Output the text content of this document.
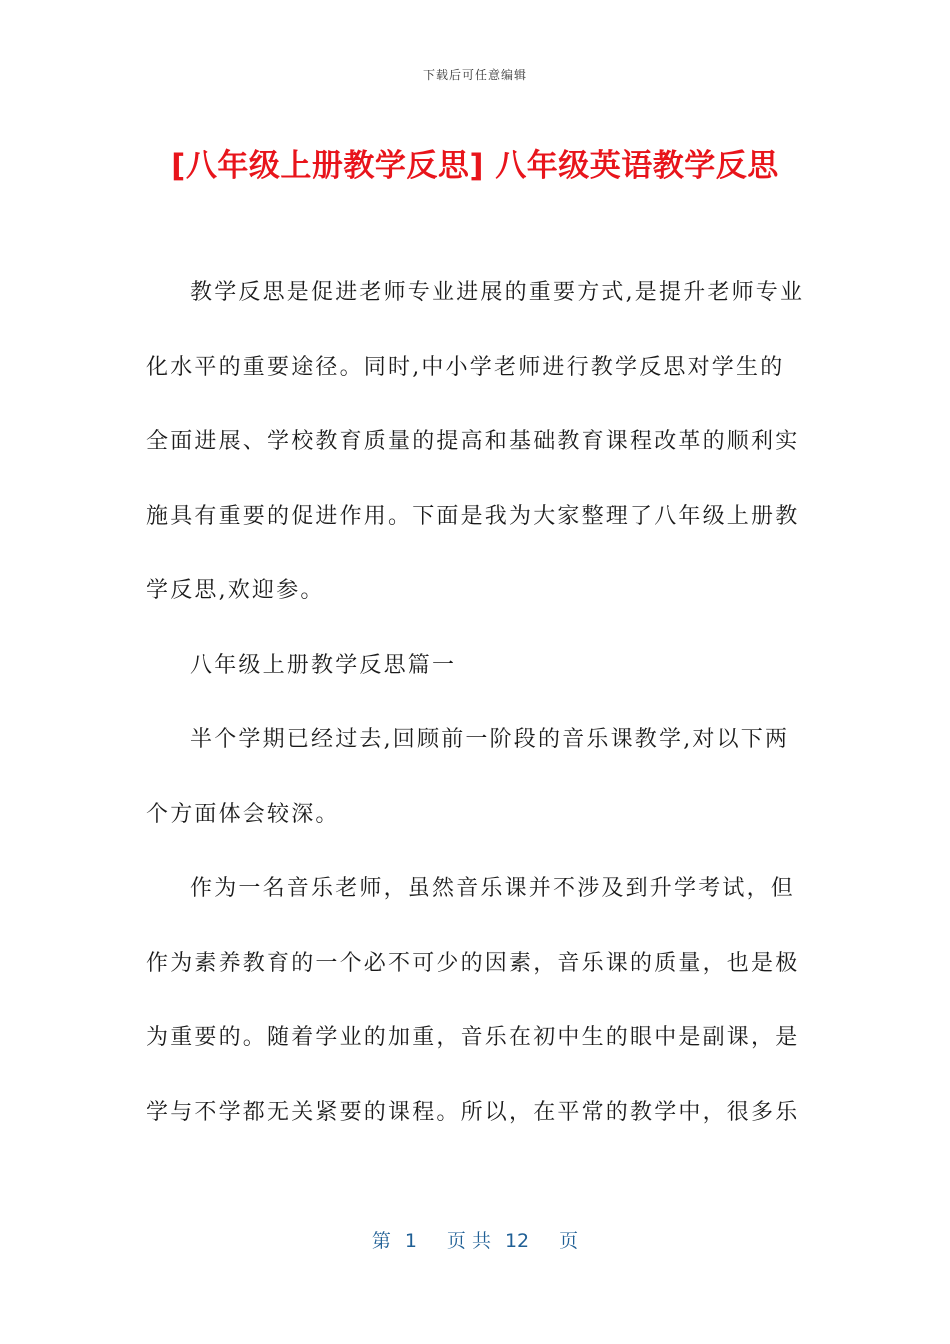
下载后可任意编辑
[八年级上册教学反思] 八年级英语教学反思

教学反思是促进老师专业进展的重要方式,是提升老师专业化水平的重要途径。同时,中小学老师进行教学反思对学生的全面进展、学校教育质量的提高和基础教育课程改革的顺利实施具有重要的促进作用。下面是我为大家整理了八年级上册教学反思,欢迎参。

八年级上册教学反思篇一

半个学期已经过去,回顾前一阶段的音乐课教学,对以下两个方面体会较深。

作为一名音乐老师，虽然音乐课并不涉及到升学考试，但作为素养教育的一个必不可少的因素，音乐课的质量，也是极为重要的。随着学业的加重，音乐在初中生的眼中是副课，是学与不学都无关紧要的课程。所以，在平常的教学中，很多乐

第 1 页 共 12 页
